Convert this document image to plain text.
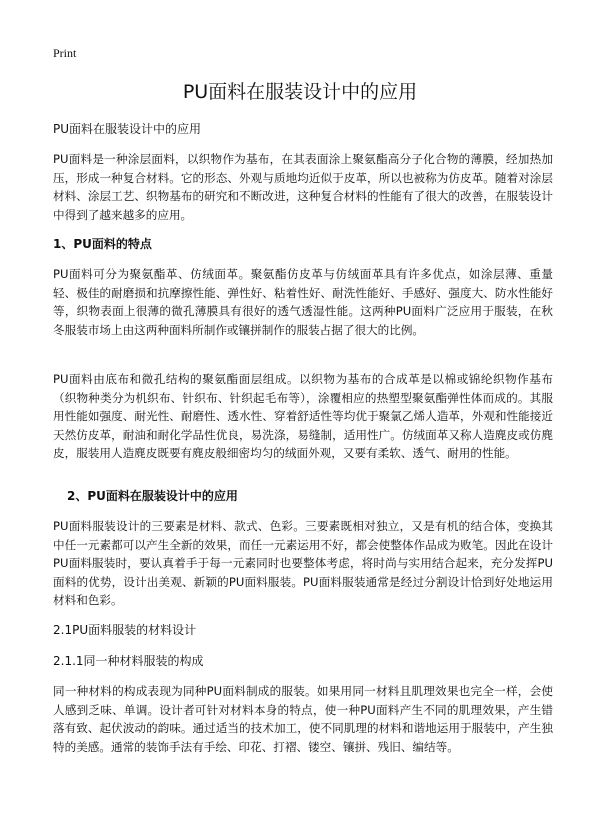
Print
PU面料在服装设计中的应用
PU面料在服装设计中的应用
PU面料是一种涂层面料，以织物作为基布，在其表面涂上聚氨酯高分子化合物的薄膜，经加热加压，形成一种复合材料。它的形态、外观与质地均近似于皮革，所以也被称为仿皮革。随着对涂层材料、涂层工艺、织物基布的研究和不断改进，这种复合材料的性能有了很大的改善，在服装设计中得到了越来越多的应用。
1、PU面料的特点
PU面料可分为聚氨酯革、仿绒面革。聚氨酯仿皮革与仿绒面革具有许多优点，如涂层薄、重量轻、极佳的耐磨损和抗摩擦性能、弹性好、粘着性好、耐洗性能好、手感好、强度大、防水性能好等，织物表面上很薄的微孔薄膜具有很好的透气透湿性能。这两种PU面料广泛应用于服装，在秋冬服装市场上由这两种面料所制作或镶拼制作的服装占据了很大的比例。
PU面料由底布和微孔结构的聚氨酯面层组成。以织物为基布的合成革是以棉或锦纶织物作基布（织物种类分为机织布、针织布、针织起毛布等），涂覆相应的热塑型聚氨酯弹性体而成的。其服用性能如强度、耐光性、耐磨性、透水性、穿着舒适性等均优于聚氯乙烯人造革，外观和性能接近天然仿皮革，耐油和耐化学品性优良，易洗涤，易缝制，适用性广。仿绒面革又称人造麂皮或仿麂皮，服装用人造麂皮既要有麂皮般细密均匀的绒面外观，又要有柔软、透气、耐用的性能。
2、PU面料在服装设计中的应用
PU面料服装设计的三要素是材料、款式、色彩。三要素既相对独立，又是有机的结合体，变换其中任一元素都可以产生全新的效果，而任一元素运用不好，都会使整体作品成为败笔。因此在设计PU面料服装时，要认真着手于每一元素同时也要整体考虑，将时尚与实用结合起来，充分发挥PU面料的优势，设计出美观、新颖的PU面料服装。PU面料服装通常是经过分割设计恰到好处地运用材料和色彩。
2.1PU面料服装的材料设计
2.1.1同一种材料服装的构成
同一种材料的构成表现为同种PU面料制成的服装。如果用同一材料且肌理效果也完全一样，会使人感到乏味、单调。设计者可针对材料本身的特点，使一种PU面料产生不同的肌理效果，产生错落有致、起伏波动的韵味。通过适当的技术加工，使不同肌理的材料和谐地运用于服装中，产生独特的美感。通常的装饰手法有手绘、印花、打褶、镂空、镶拼、残旧、编结等。
